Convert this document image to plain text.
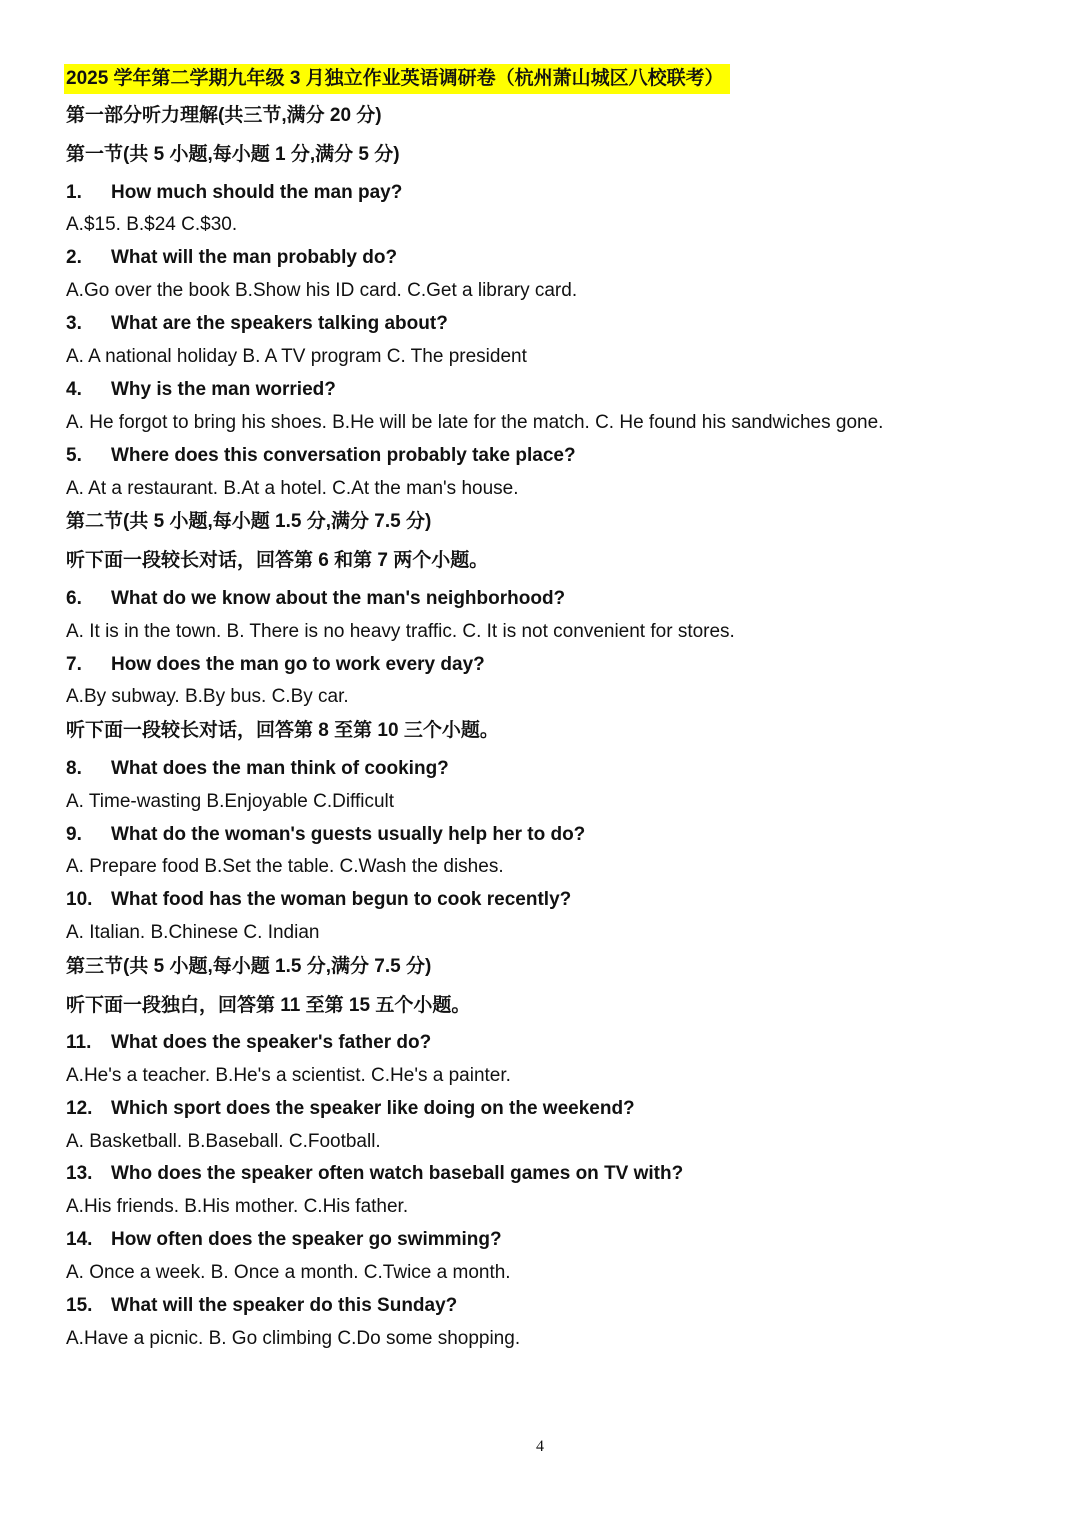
2025 学年第二学期九年级 3 月独立作业英语调研卷（杭州萧山城区八校联考）
第一部分听力理解(共三节,满分 20 分)
第一节(共 5 小题,每小题 1 分,满分 5 分)
1. How much should the man pay?
A.$15. B.$24 C.$30.
2. What will the man probably do?
A.Go over the book B.Show his ID card. C.Get a library card.
3. What are the speakers talking about?
A. A national holiday B. A TV program C. The president
4. Why is the man worried?
A. He forgot to bring his shoes. B.He will be late for the match. C. He found his sandwiches gone.
5. Where does this conversation probably take place?
A. At a restaurant. B.At a hotel. C.At the man's house.
第二节(共 5 小题,每小题 1.5 分,满分 7.5 分)
听下面一段较长对话，回答第 6 和第 7 两个小题。
6. What do we know about the man's neighborhood?
A. It is in the town. B. There is no heavy traffic. C. It is not convenient for stores.
7. How does the man go to work every day?
A.By subway. B.By bus. C.By car.
听下面一段较长对话，回答第 8 至第 10 三个小题。
8. What does the man think of cooking?
A. Time-wasting B.Enjoyable C.Difficult
9. What do the woman's guests usually help her to do?
A. Prepare food B.Set the table. C.Wash the dishes.
10. What food has the woman begun to cook recently?
A. Italian. B.Chinese C. Indian
第三节(共 5 小题,每小题 1.5 分,满分 7.5 分)
听下面一段独白，回答第 11 至第 15 五个小题。
11. What does the speaker's father do?
A.He's a teacher. B.He's a scientist. C.He's a painter.
12. Which sport does the speaker like doing on the weekend?
A. Basketball. B.Baseball. C.Football.
13. Who does the speaker often watch baseball games on TV with?
A.His friends. B.His mother. C.His father.
14. How often does the speaker go swimming?
A. Once a week. B. Once a month. C.Twice a month.
15. What will the speaker do this Sunday?
A.Have a picnic. B. Go climbing C.Do some shopping.
4
